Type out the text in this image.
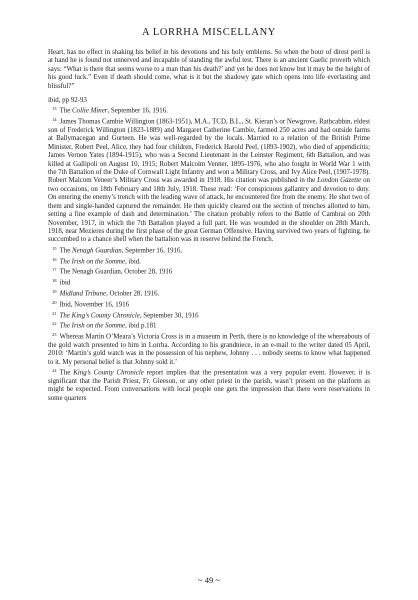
A LORRHA MISCELLANY

Heart, has no effect in shaking his belief in his devotions and his holy emblems. So when the hour of direst peril is at hand he is found not unnerved and incapable of standing the awful test. There is an ancient Gaelic proverb which says: “What is there that seems worse to a man than his death?’ and yet he does not know but it may be the height of his good luck.” Even if death should come, what is it but the shadowy gate which opens into life everlasting and blissful?”

ibid, pp 92-93

$^{13}$ The Collie Miner, September 16, 1916.

$^{14}$ James Thomas Cambie Willington (1863-1951), M.A., TCD, B.L., St. Kieran’s or Newgrove, Rathcabbin, eldest son of Frederick Willington (1823-1889) and Margaret Catherine Cambie, farmed 250 acres and had outside farms at Ballymacegan and Gurteen. He was well-regarded by the locals. Married to a relation of the British Prime Minister, Robert Peel, Alice, they had four children, Frederick Harold Peel, (1893-1902), who died of appendicitis; James Vernon Yates (1894-1915), who was a Second Lieutenant in the Leinster Regiment, 6th Battalion, and was killed at Gallipoli on August 10, 1915; Robert Malcolm Venner, 1895-1976, who also fought in World War 1 with the 7th Battalion of the Duke of Cornwall Light Infantry and won a Military Cross, and Ivy Alice Peel, (1907-1978). Robert Malcom Veneer’s Military Cross was awarded in 1918. His citation was published in the London Gazette on two occasions, on 18th February and 18th July, 1918. These read: ‘For conspicuous gallantry and devotion to duty. On entering the enemy’s trench with the leading wave of attack, he encountered fire from the enemy. He shot two of them and single-handed captured the remainder. He then quickly cleared out the section of trenches allotted to him, setting a fine example of dash and determination.’ The citation probably refers to the Battle of Cambrai on 20th November, 1917, in which the 7th Battalion played a full part. He was wounded in the shoulder on 28th March, 1918, near Mezieres during the first phase of the great German Offensive. Having survived two years of fighting, he succumbed to a chance shell when the battalion was in reserve behind the French.

$^{15}$ The Nenagh Guardian, September 16, 1916.

$^{16}$ The Irish on the Somme, ibid.

$^{17}$ The Nenagh Guardian, October 28, 1916

$^{18}$ ibid

$^{19}$ Midland Tribune, October 28, 1916.

$^{20}$ Ibid, November 16, 1916

$^{21}$ The King’s County Chronicle, September 30, 1916

$^{22}$ The Irish on the Somme, ibid p.181

$^{23}$ Whereas Martin O’Meara’s Victoria Cross is in a museum in Perth, there is no knowledge of the whereabouts of the gold watch presented to him in Lorrha. According to his grandniece, in an e-mail to the writer dated 05 April, 2010: ‘Martin’s gold watch was in the possession of his nephew, Johnny . . . nobody seems to know what happened to it. My personal belief is that Johnny sold it.’

$^{24}$ The King’s County Chronicle report implies that the presentation was a very popular event. However, it is significant that the Parish Priest, Fr. Gleeson, or any other priest in the parish, wasn’t present on the platform as might be expected. From conversations with local people one gets the impression that there were reservations in some quarters

~ 49 ~
